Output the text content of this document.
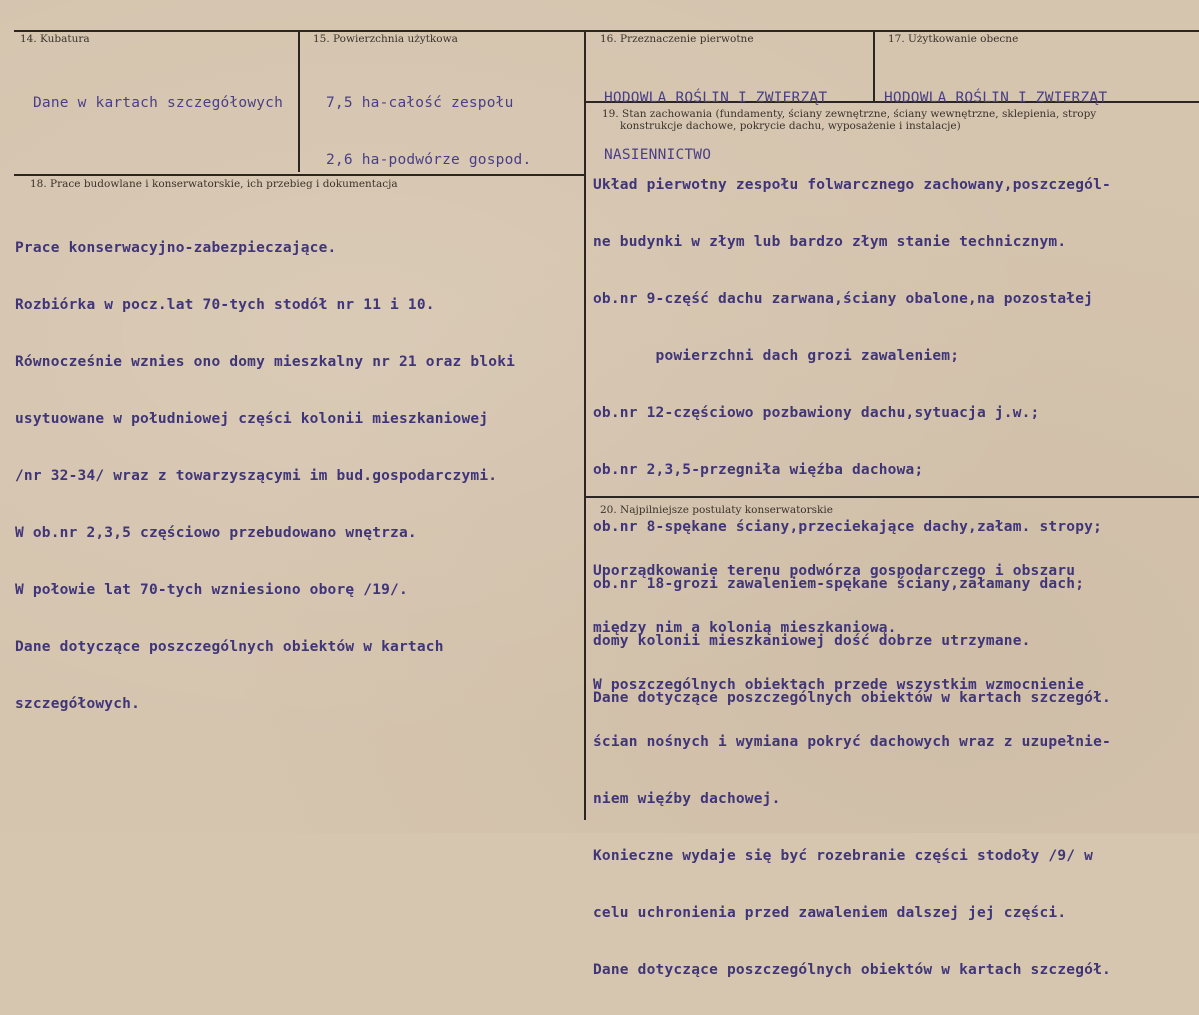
14. Kubatura

Dane w kartach szczegółowych

15. Powierzchnia użytkowa

7,5 ha-całość zespołu

2,6 ha-podwórze gospod.

16. Przeznaczenie pierwotne

HODOWLA ROŚLIN I ZWIERZĄT

NASIENNICTWO

17. Użytkowanie obecne

HODOWLA ROŚLIN I ZWIERZĄT

18. Prace budowlane i konserwatorskie, ich przebieg i dokumentacja

Prace konserwacyjno-zabezpieczające.

Rozbiórka w pocz.lat 70-tych stodół nr 11 i 10.

Równocześnie wznies ono domy mieszkalny nr 21 oraz bloki

usytuowane w południowej części kolonii mieszkaniowej

/nr 32-34/ wraz z towarzyszącymi im bud.gospodarczymi.

W ob.nr 2,3,5 częściowo przebudowano wnętrza.

W połowie lat 70-tych wzniesiono oborę /19/.

Dane dotyczące poszczególnych obiektów w kartach

szczegółowych.

19. Stan zachowania (fundamenty, ściany zewnętrzne, ściany wewnętrzne, sklepienia, stropy
konstrukcje dachowe, pokrycie dachu, wyposażenie i instalacje)

Układ pierwotny zespołu folwarcznego zachowany,poszczegól-

ne budynki w złym lub bardzo złym stanie technicznym.

ob.nr 9-część dachu zarwana,ściany obalone,na pozostałej

powierzchni dach grozi zawaleniem;

ob.nr 12-częściowo pozbawiony dachu,sytuacja j.w.;

ob.nr 2,3,5-przegniła więźba dachowa;

ob.nr 8-spękane ściany,przeciekające dachy,załam. stropy;

ob.nr 18-grozi zawaleniem-spękane ściany,załamany dach;

domy kolonii mieszkaniowej dość dobrze utrzymane.

Dane dotyczące poszczególnych obiektów w kartach szczegół.

20. Najpilniejsze postulaty konserwatorskie

Uporządkowanie terenu podwórza gospodarczego i obszaru

między nim a kolonią mieszkaniową.

W poszczególnych obiektach przede wszystkim wzmocnienie

ścian nośnych i wymiana pokryć dachowych wraz z uzupełnie-

niem więźby dachowej.

Konieczne wydaje się być rozebranie części stodoły /9/ w

celu uchronienia przed zawaleniem dalszej jej części.

Dane dotyczące poszczególnych obiektów w kartach szczegół.
